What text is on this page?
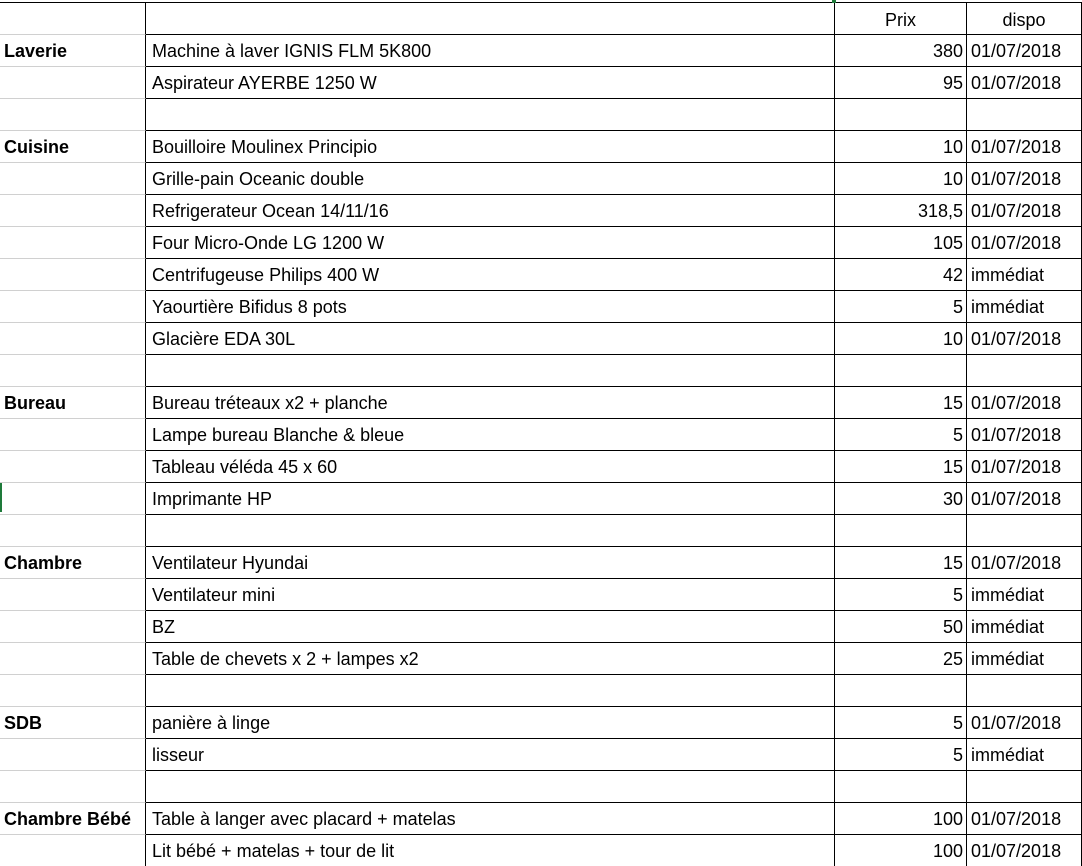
Prix	dispo
Laverie	Machine à laver IGNIS FLM 5K800	380 01/07/2018
Aspirateur AYERBE 1250 W	95 01/07/2018
Cuisine	Bouilloire Moulinex Principio	10 01/07/2018
Grille-pain Oceanic double	10 01/07/2018
Refrigerateur Ocean 14/11/16	318,5 01/07/2018
Four Micro-Onde LG 1200 W	105 01/07/2018
Centrifugeuse Philips 400 W	42 immédiat
Yaourtière Bifidus 8 pots	5 immédiat
Glacière EDA 30L	10 01/07/2018
Bureau	Bureau tréteaux x2 + planche	15 01/07/2018
Lampe bureau Blanche & bleue	5 01/07/2018
Tableau véléda 45 x 60	15 01/07/2018
Imprimante HP	30 01/07/2018
Chambre	Ventilateur Hyundai	15 01/07/2018
Ventilateur mini	5 immédiat
BZ	50 immédiat
Table de chevets x 2 + lampes x2	25 immédiat
SDB	panière à linge	5 01/07/2018
lisseur	5 immédiat
Chambre Bébé	Table à langer avec placard + matelas	100 01/07/2018
Lit bébé + matelas + tour de lit	100 01/07/2018
